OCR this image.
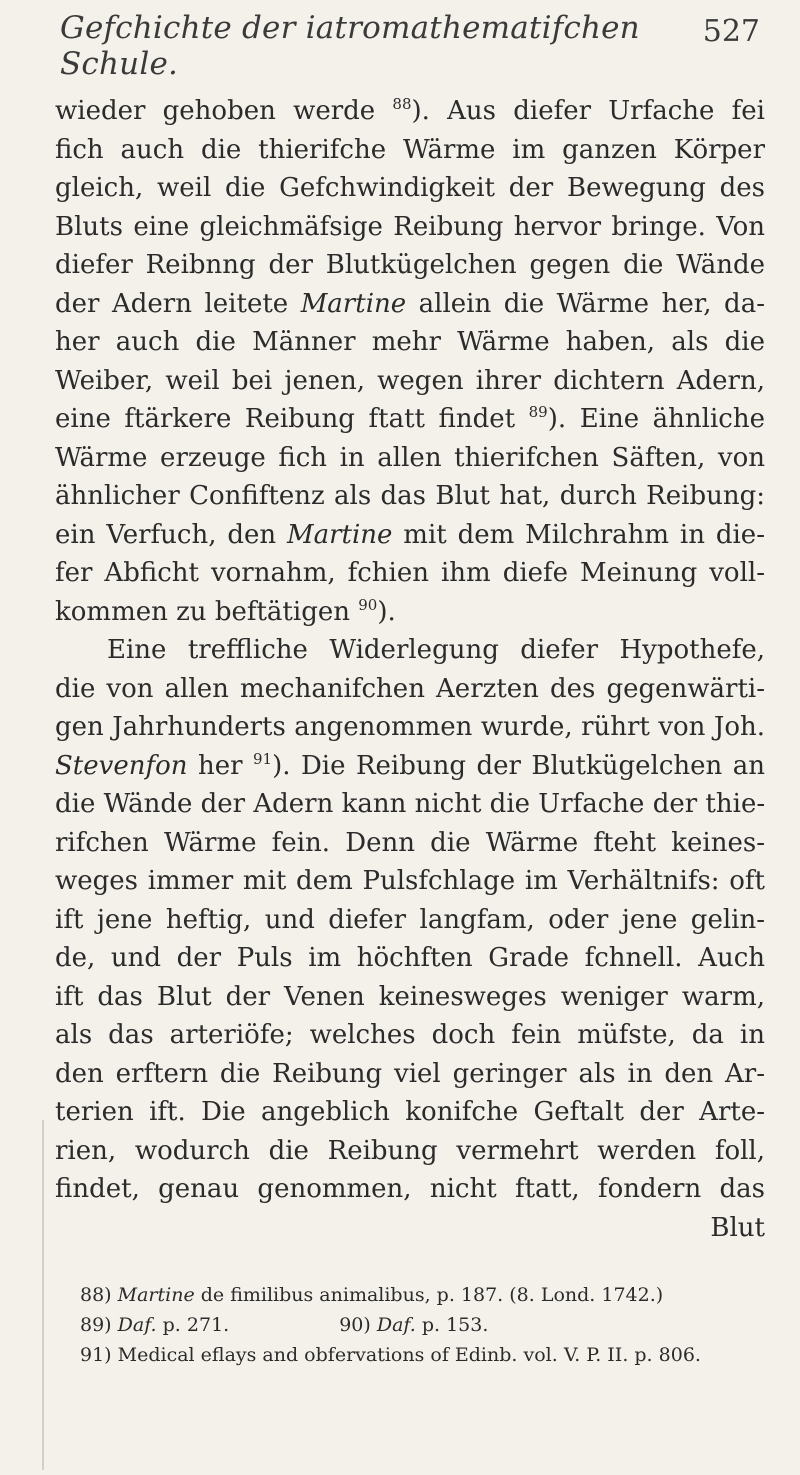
Gefchichte der iatromathematifchen Schule.
527
wieder gehoben werde $^{88}$). Aus diefer Urfache fei
fich auch die thierifche Wärme im ganzen Körper
gleich, weil die Gefchwindigkeit der Bewegung des
Bluts eine gleichmäfsige Reibung hervor bringe. Von
diefer Reibnng der Blutkügelchen gegen die Wände
der Adern leitete Martine allein die Wärme her, da-
her auch die Männer mehr Wärme haben, als die
Weiber, weil bei jenen, wegen ihrer dichtern Adern,
eine ftärkere Reibung ftatt findet $^{89}$). Eine ähnliche
Wärme erzeuge fich in allen thierifchen Säften, von
ähnlicher Confiftenz als das Blut hat, durch Reibung:
ein Verfuch, den Martine mit dem Milchrahm in die-
fer Abficht vornahm, fchien ihm diefe Meinung voll-
kommen zu beftätigen $^{90}$).
Eine treffliche Widerlegung diefer Hypothefe,
die von allen mechanifchen Aerzten des gegenwärti-
gen Jahrhunderts angenommen wurde, rührt von Joh.
Stevenfon her $^{91}$). Die Reibung der Blutkügelchen an
die Wände der Adern kann nicht die Urfache der thie-
rifchen Wärme fein. Denn die Wärme fteht keines-
weges immer mit dem Pulsfchlage im Verhältnifs: oft
ift jene heftig, und diefer langfam, oder jene gelin-
de, und der Puls im höchften Grade fchnell. Auch
ift das Blut der Venen keinesweges weniger warm,
als das arteriöfe; welches doch fein müfste, da in
den erftern die Reibung viel geringer als in den Ar-
terien ift. Die angeblich konifche Geftalt der Arte-
rien, wodurch die Reibung vermehrt werden foll,
findet, genau genommen, nicht ftatt, fondern das
Blut
88) Martine de fimilibus animalibus, p. 187. (8. Lond. 1742.)
89) Daf. p. 271.	90) Daf. p. 153.
91) Medical eflays and obfervations of Edinb. vol. V. P. II. p. 806.
